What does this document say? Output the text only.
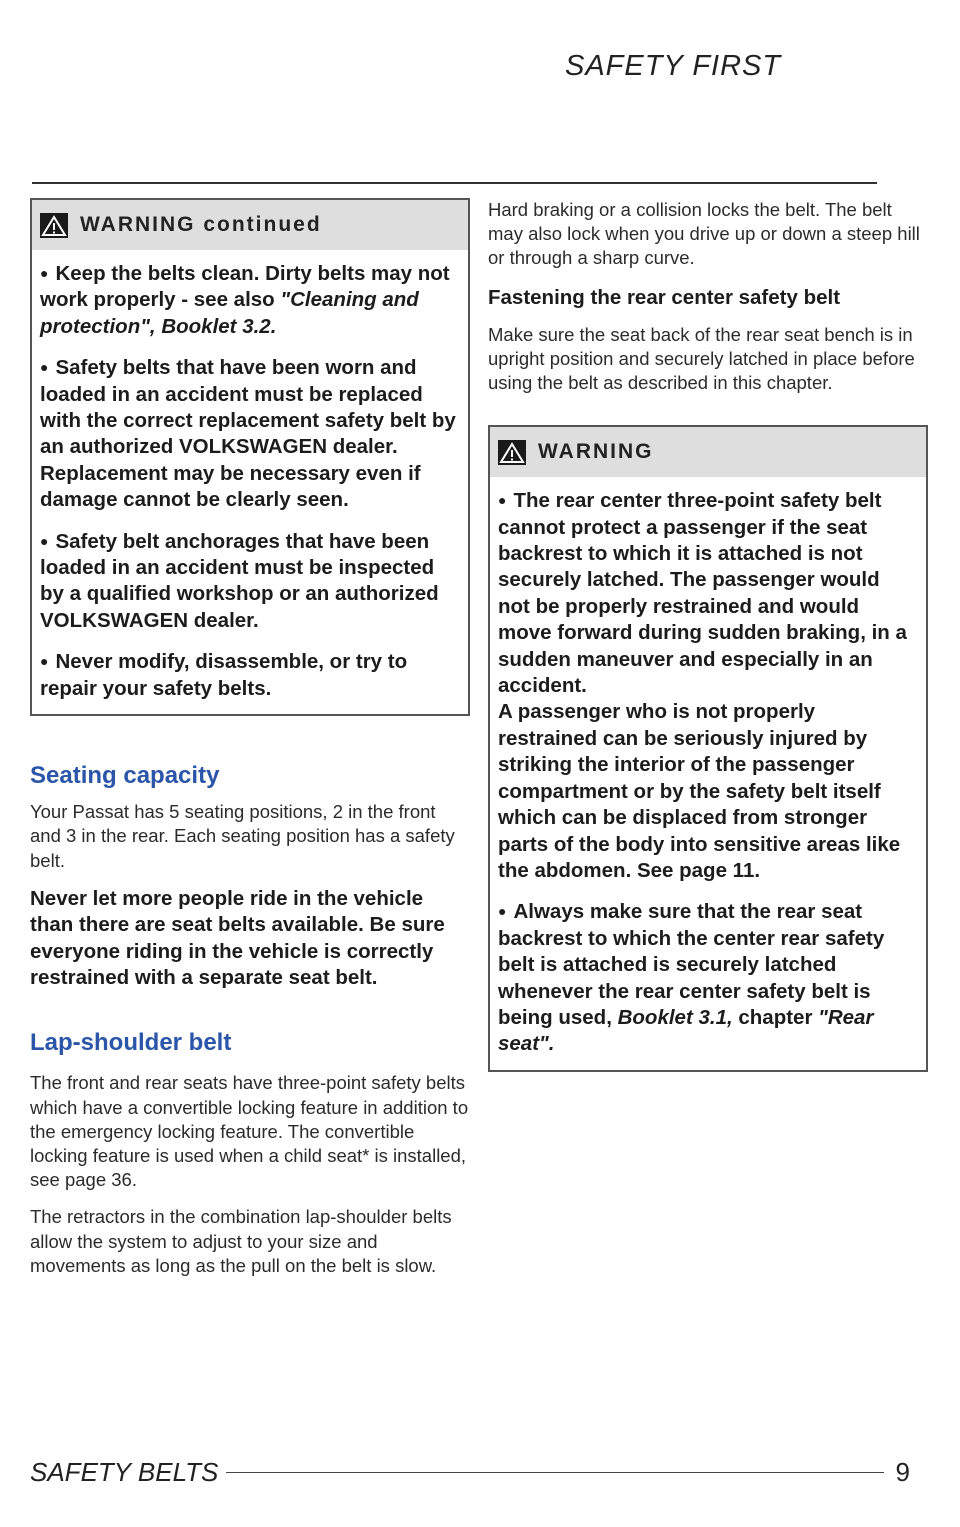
SAFETY FIRST
WARNING continued

● Keep the belts clean. Dirty belts may not work properly - see also "Cleaning and protection", Booklet 3.2.

● Safety belts that have been worn and loaded in an accident must be replaced with the correct replacement safety belt by an authorized VOLKSWAGEN dealer. Replacement may be necessary even if damage cannot be clearly seen.

● Safety belt anchorages that have been loaded in an accident must be inspected by a qualified workshop or an authorized VOLKSWAGEN dealer.

● Never modify, disassemble, or try to repair your safety belts.

Seating capacity

Your Passat has 5 seating positions, 2 in the front and 3 in the rear. Each seating position has a safety belt.

Never let more people ride in the vehicle than there are seat belts available. Be sure everyone riding in the vehicle is correctly restrained with a separate seat belt.

Lap-shoulder belt

The front and rear seats have three-point safety belts which have a convertible locking feature in addition to the emergency locking feature. The convertible locking feature is used when a child seat* is installed, see page 36.

The retractors in the combination lap-shoulder belts allow the system to adjust to your size and movements as long as the pull on the belt is slow.

Hard braking or a collision locks the belt. The belt may also lock when you drive up or down a steep hill or through a sharp curve.

Fastening the rear center safety belt

Make sure the seat back of the rear seat bench is in upright position and securely latched in place before using the belt as described in this chapter.

WARNING

● The rear center three-point safety belt cannot protect a passenger if the seat backrest to which it is attached is not securely latched. The passenger would not be properly restrained and would move forward during sudden braking, in a sudden maneuver and especially in an accident.

A passenger who is not properly restrained can be seriously injured by striking the interior of the passenger compartment or by the safety belt itself which can be displaced from stronger parts of the body into sensitive areas like the abdomen. See page 11.

● Always make sure that the rear seat backrest to which the center rear safety belt is attached is securely latched whenever the rear center safety belt is being used, Booklet 3.1, chapter "Rear seat".

SAFETY BELTS	9
